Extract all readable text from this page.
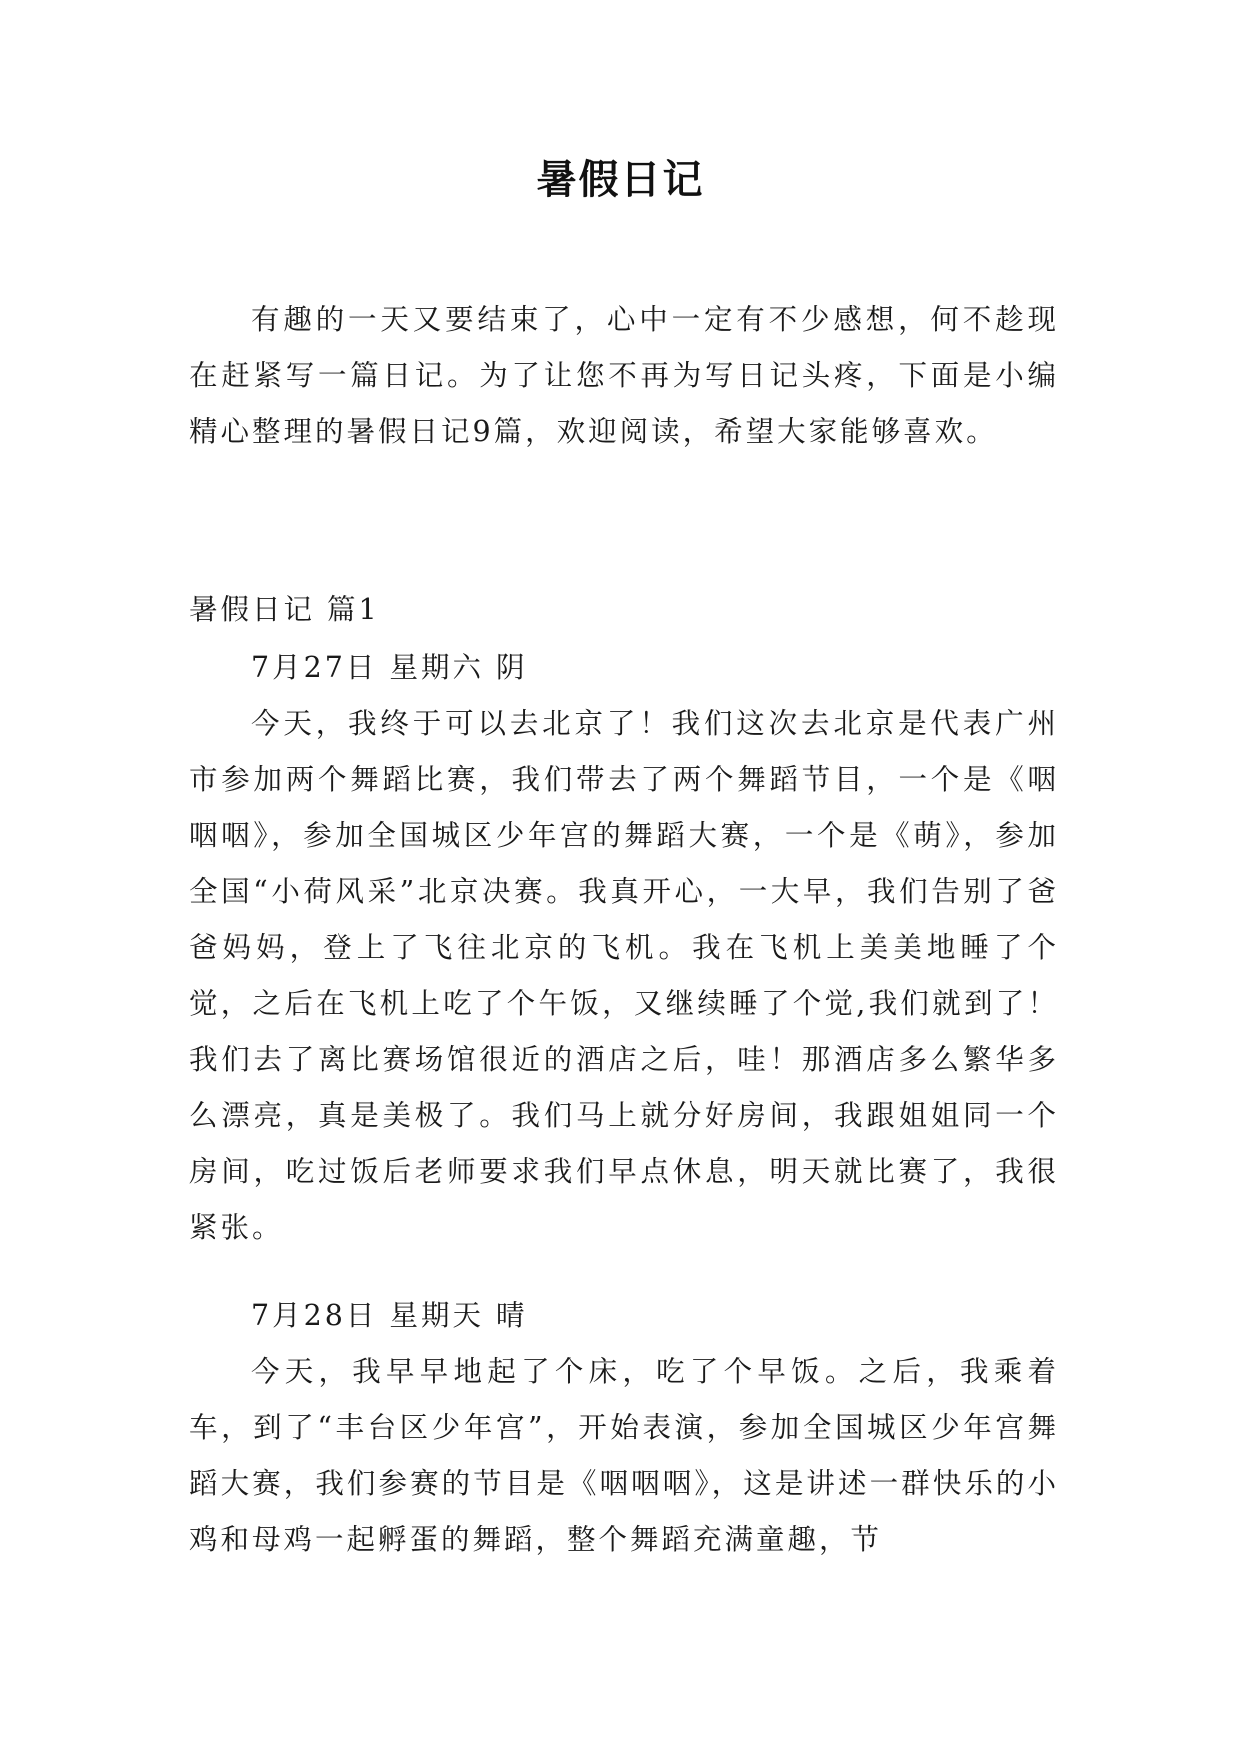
暑假日记
有趣的一天又要结束了，心中一定有不少感想，何不趁现在赶紧写一篇日记。为了让您不再为写日记头疼，下面是小编精心整理的暑假日记9篇，欢迎阅读，希望大家能够喜欢。
暑假日记 篇1
7月27日 星期六 阴
今天，我终于可以去北京了！我们这次去北京是代表广州市参加两个舞蹈比赛，我们带去了两个舞蹈节目，一个是《咽咽咽》，参加全国城区少年宫的舞蹈大赛，一个是《萌》，参加全国“小荷风采”北京决赛。我真开心，一大早，我们告别了爸爸妈妈，登上了飞往北京的飞机。我在飞机上美美地睡了个觉，之后在飞机上吃了个午饭，又继续睡了个觉,我们就到了！我们去了离比赛场馆很近的酒店之后，哇！那酒店多么繁华多么漂亮，真是美极了。我们马上就分好房间，我跟姐姐同一个房间，吃过饭后老师要求我们早点休息，明天就比赛了，我很紧张。
7月28日 星期天 晴
今天，我早早地起了个床，吃了个早饭。之后，我乘着车，到了“丰台区少年宫”，开始表演，参加全国城区少年宫舞蹈大赛，我们参赛的节目是《咽咽咽》，这是讲述一群快乐的小鸡和母鸡一起孵蛋的舞蹈，整个舞蹈充满童趣，节
